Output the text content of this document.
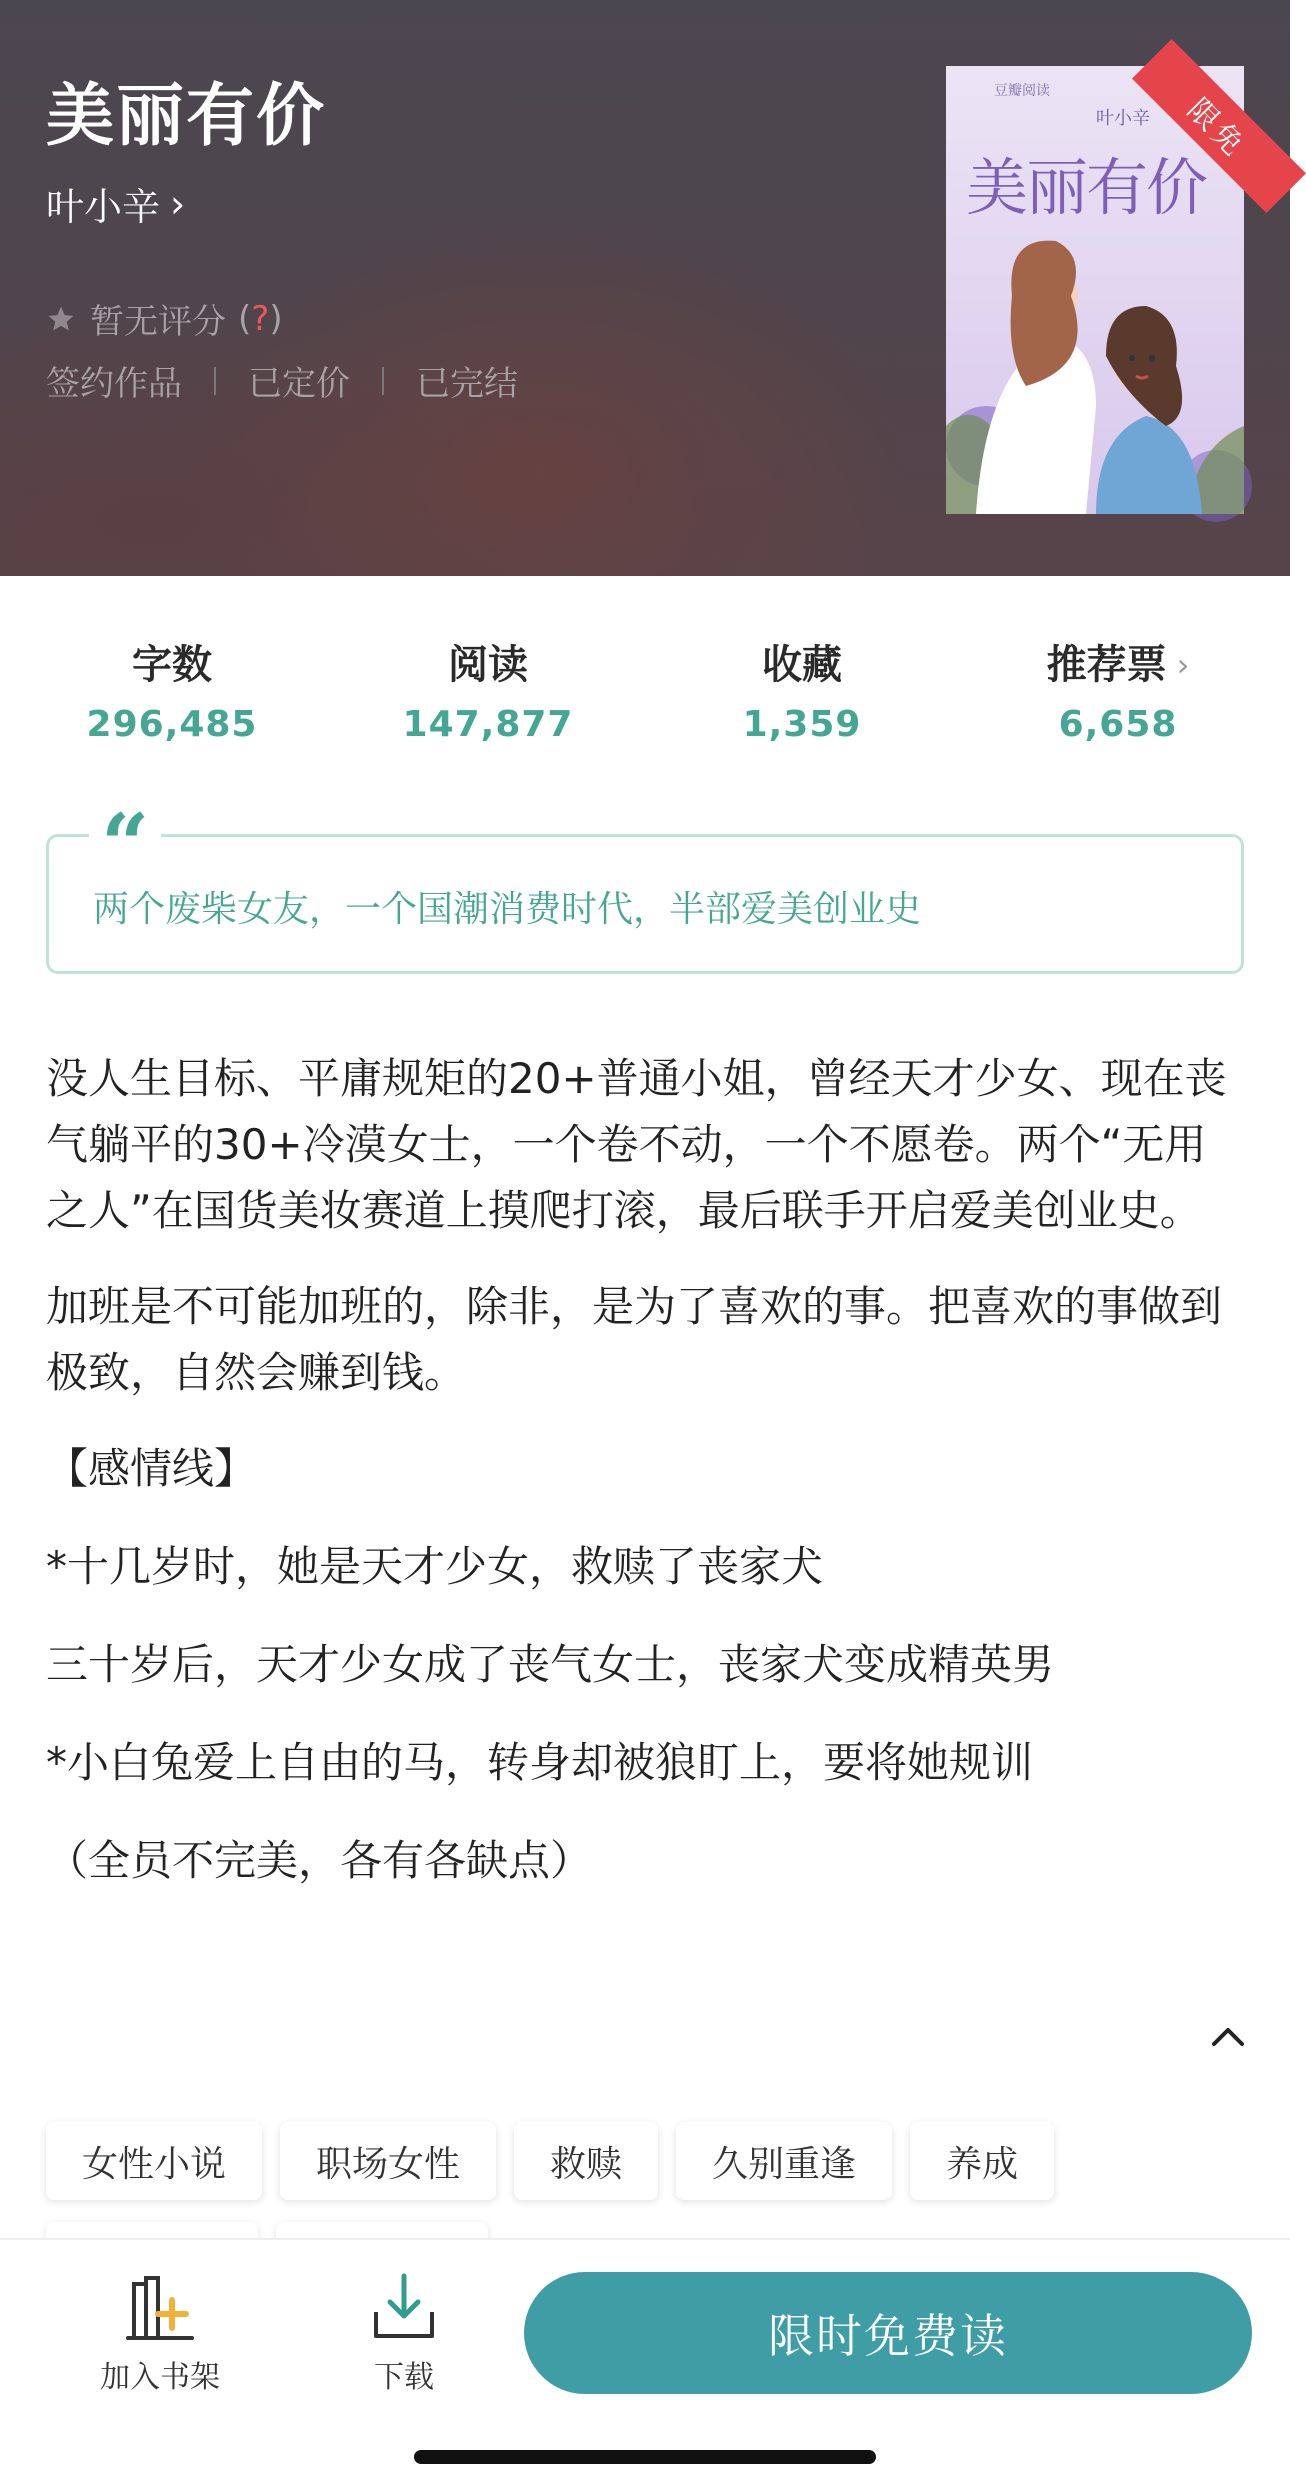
美丽有价
叶小辛 ›
暂无评分 (?)
签约作品 已定价 已完结
豆瓣阅读
叶小辛
美丽有价
限免
字数
296,485
阅读
147,877
收藏
1,359
推荐票 ›
6,658
“
两个废柴女友，一个国潮消费时代，半部爱美创业史

没人生目标、平庸规矩的20+普通小姐，曾经天才少女、现在丧气躺平的30+冷漠女士，一个卷不动，一个不愿卷。两个“无用之人”在国货美妆赛道上摸爬打滚，最后联手开启爱美创业史。

加班是不可能加班的，除非，是为了喜欢的事。把喜欢的事做到极致，自然会赚到钱。

【感情线】

*十几岁时，她是天才少女，救赎了丧家犬

三十岁后，天才少女成了丧气女士，丧家犬变成精英男

*小白兔爱上自由的马，转身却被狼盯上，要将她规训

（全员不完美，各有各缺点）

女性小说	职场女性	救赎	久别重逢	养成
加入书架	下载
限时免费读
